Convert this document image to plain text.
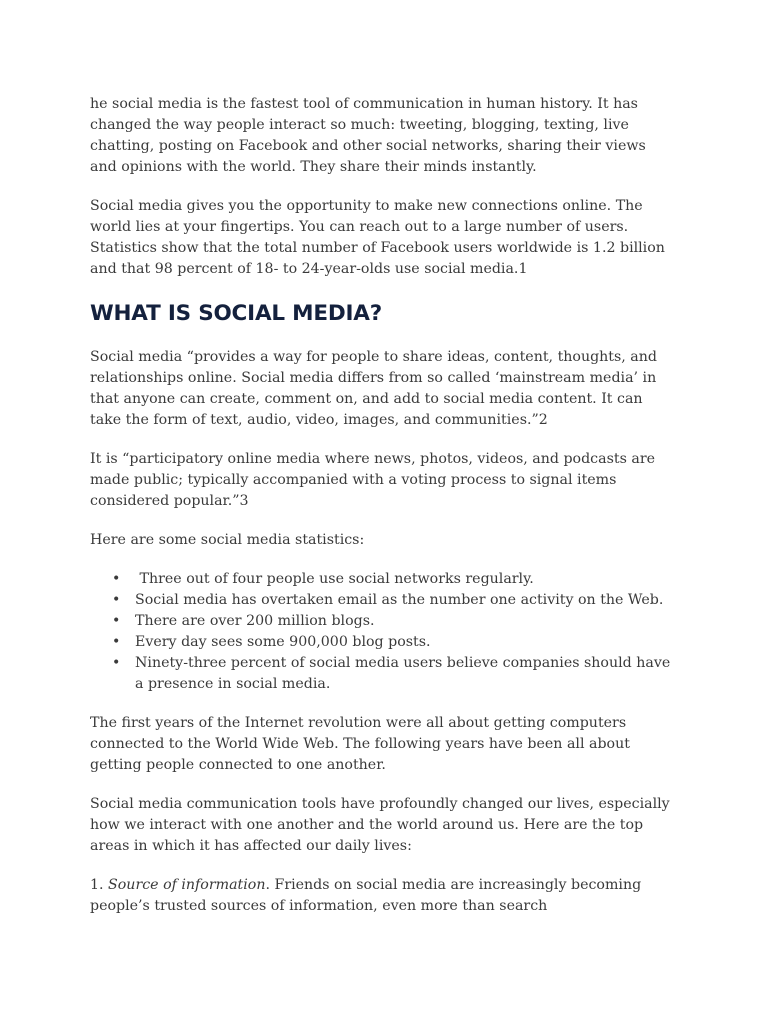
he social media is the fastest tool of communication in human history. It has changed the way people interact so much: tweeting, blogging, texting, live chatting, posting on Facebook and other social networks, sharing their views and opinions with the world. They share their minds instantly.

Social media gives you the opportunity to make new connections online. The world lies at your fingertips. You can reach out to a large number of users. Statistics show that the total number of Facebook users worldwide is 1.2 billion and that 98 percent of 18- to 24-year-olds use social media.1

WHAT IS SOCIAL MEDIA?

Social media “provides a way for people to share ideas, content, thoughts, and relationships online. Social media differs from so called ‘mainstream media’ in that anyone can create, comment on, and add to social media content. It can take the form of text, audio, video, images, and communities.”2

It is “participatory online media where news, photos, videos, and podcasts are made public; typically accompanied with a voting process to signal items considered popular.”3

Here are some social media statistics:

• Three out of four people use social networks regularly.
• Social media has overtaken email as the number one activity on the Web.
• There are over 200 million blogs.
• Every day sees some 900,000 blog posts.
• Ninety-three percent of social media users believe companies should have a presence in social media.

The first years of the Internet revolution were all about getting computers connected to the World Wide Web. The following years have been all about getting people connected to one another.

Social media communication tools have profoundly changed our lives, especially how we interact with one another and the world around us. Here are the top areas in which it has affected our daily lives:

1. Source of information. Friends on social media are increasingly becoming people’s trusted sources of information, even more than search
